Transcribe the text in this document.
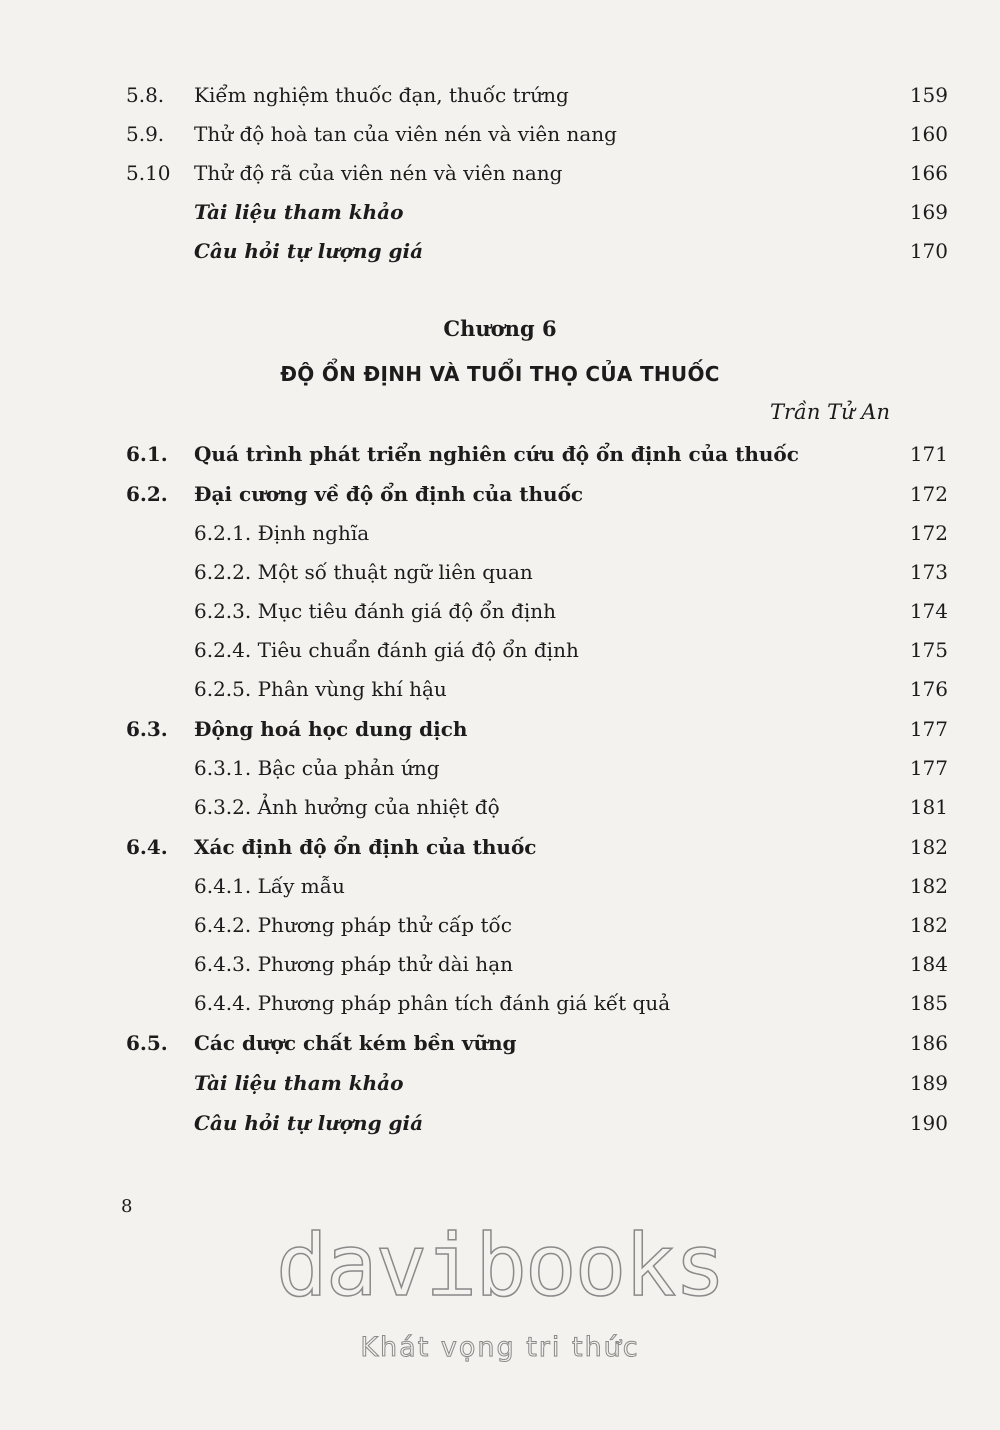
5.8. Kiểm nghiệm thuốc đạn, thuốc trứng	159
5.9. Thử độ hoà tan của viên nén và viên nang	160
5.10 Thử độ rã của viên nén và viên nang	166
Tài liệu tham khảo	169
Câu hỏi tự lượng giá	170
Chương 6
ĐỘ ỔN ĐỊNH VÀ TUỔI THỌ CỦA THUỐC
Trần Tử An
6.1. Quá trình phát triển nghiên cứu độ ổn định của thuốc	171
6.2. Đại cương về độ ổn định của thuốc	172
6.2.1. Định nghĩa	172
6.2.2. Một số thuật ngữ liên quan	173
6.2.3. Mục tiêu đánh giá độ ổn định	174
6.2.4. Tiêu chuẩn đánh giá độ ổn định	175
6.2.5. Phân vùng khí hậu	176
6.3. Động hoá học dung dịch	177
6.3.1. Bậc của phản ứng	177
6.3.2. Ảnh hưởng của nhiệt độ	181
6.4. Xác định độ ổn định của thuốc	182
6.4.1. Lấy mẫu	182
6.4.2. Phương pháp thử cấp tốc	182
6.4.3. Phương pháp thử dài hạn	184
6.4.4. Phương pháp phân tích đánh giá kết quả	185
6.5. Các dược chất kém bền vững	186
Tài liệu tham khảo	189
Câu hỏi tự lượng giá	190
8
davibooks
Khát vọng tri thức
